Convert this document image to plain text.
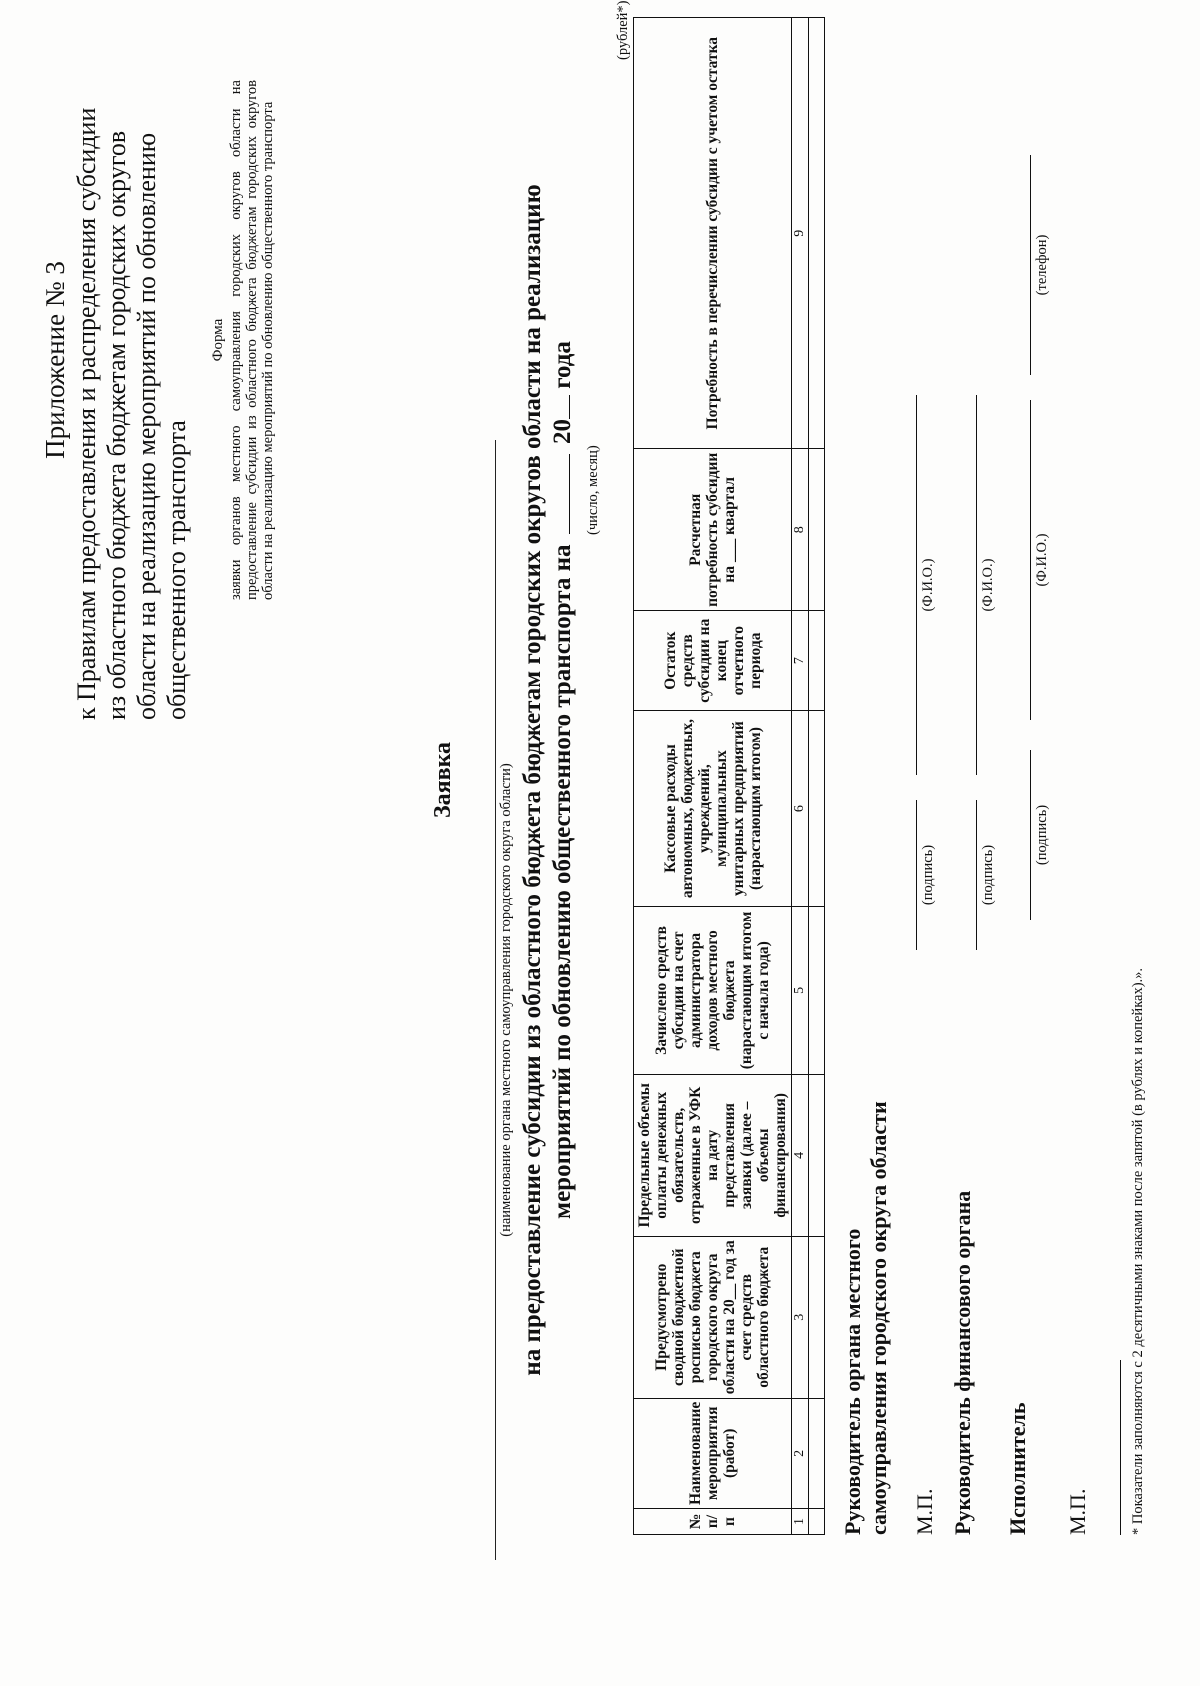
Приложение № 3 к Правилам предоставления и распределения субсидии из областного бюджета бюджетам городских округов области на реализацию мероприятий по обновлению общественного транспорта
Форма заявки органов местного самоуправления городских округов области на предоставление субсидии из областного бюджета бюджетам городских округов области на реализацию мероприятий по обновлению общественного транспорта
Заявка	(наименование органа местного самоуправления городского округа области) на предоставление субсидии из областного бюджета бюджетам городских округов области на реализацию мероприятий по обновлению общественного транспорта на  20 года
(число, месяц)
(рублей*)
№ п/п	Наименование мероприятия (работ)	Предусмотрено сводной бюджетной росписью бюджета городского округа области на 20__ год за счет средств областного бюджета	Предельные объемы оплаты денежных обязательств, отраженные в УФК на дату представления заявки (далее – объемы финансирования)	Зачислено средств субсидии на счет администратора доходов местного бюджета (нарастающим итогом с начала года)	Кассовые расходы автономных, бюджетных, учреждений, муниципальных унитарных предприятий (нарастающим итогом)	Остаток средств субсидии на конец отчетного периода	Расчетная потребность субсидии на ___ квартал	Потребность в перечислении субсидии с учетом остатка
1	2	3	4	5	6	7	8	9

Руководитель органа местного самоуправления городского округа области М.П.
(подпись)
(Ф.И.О.)
Руководитель финансового органа
(подпись)
(Ф.И.О.)
Исполнитель М.П.
(подпись)
(Ф.И.О.)
(телефон)
* Показатели заполняются с 2 десятичными знаками после запятой (в рублях и копейках).».
